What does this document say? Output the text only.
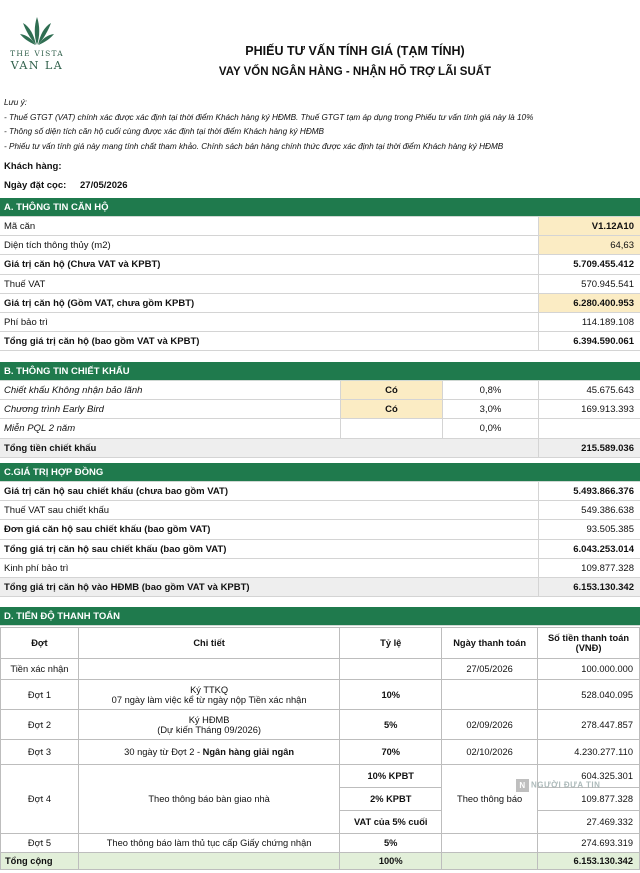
THE VISTA
VAN LA
PHIẾU TƯ VẤN TÍNH GIÁ (TẠM TÍNH)
VAY VỐN NGÂN HÀNG - NHẬN HỖ TRỢ LÃI SUẤT
Lưu ý:
- Thuế GTGT (VAT) chính xác được xác định tại thời điểm Khách hàng ký HĐMB. Thuế GTGT tạm áp dụng trong Phiếu tư vấn tính giá này là 10%
- Thông số diện tích căn hộ cuối cùng được xác định tại thời điểm Khách hàng ký HĐMB
- Phiếu tư vấn tính giá này mang tính chất tham khảo. Chính sách bán hàng chính thức được xác định tại thời điểm Khách hàng ký HĐMB
Khách hàng:
Ngày đặt cọc: 27/05/2026
A. THÔNG TIN CĂN HỘ
Mã căn	V1.12A10
Diện tích thông thủy (m2)	64,63
Giá trị căn hộ (Chưa VAT và KPBT)	5.709.455.412
Thuế VAT	570.945.541
Giá trị căn hộ (Gồm VAT, chưa gồm KPBT)	6.280.400.953
Phí bảo trì	114.189.108
Tổng giá trị căn hộ (bao gồm VAT và KPBT)	6.394.590.061
B. THÔNG TIN CHIẾT KHẤU
Chiết khấu Không nhận bảo lãnh	Có	0,8%	45.675.643
Chương trình Early Bird	Có	3,0%	169.913.393
Miễn PQL 2 năm	0,0%
Tổng tiền chiết khấu	215.589.036
C.GIÁ TRỊ HỢP ĐỒNG
Giá trị căn hộ sau chiết khấu (chưa bao gồm VAT)	5.493.866.376
Thuế VAT sau chiết khấu	549.386.638
Đơn giá căn hộ sau chiết khấu (bao gồm VAT)	93.505.385
Tổng giá trị căn hộ sau chiết khấu (bao gồm VAT)	6.043.253.014
Kinh phí bảo trì	109.877.328
Tổng giá trị căn hộ vào HĐMB (bao gồm VAT và KPBT)	6.153.130.342
D. TIẾN ĐỘ THANH TOÁN
Đợt	Chi tiết	Tỷ lệ	Ngày thanh toán	Số tiền thanh toán (VNĐ)
Tiền xác nhận			27/05/2026	100.000.000
Đợt 1	Ký TTKQ
07 ngày làm việc kể từ ngày nộp Tiền xác nhận	10%		528.040.095
Đợt 2	Ký HĐMB
(Dự kiến Tháng 09/2026)	5%	02/09/2026	278.447.857
Đợt 3	30 ngày từ Đợt 2 - Ngân hàng giải ngân	70%	02/10/2026	4.230.277.110
Đợt 4	Theo thông báo bàn giao nhà	10% KPBT	Theo thông báo	604.325.301
		2% KPBT		109.877.328
		VAT của 5% cuối		27.469.332
Đợt 5	Theo thông báo làm thủ tục cấp Giấy chứng nhận	5%		274.693.319
Tổng cộng		100%		6.153.130.342
N NGƯỜI ĐƯA TIN
